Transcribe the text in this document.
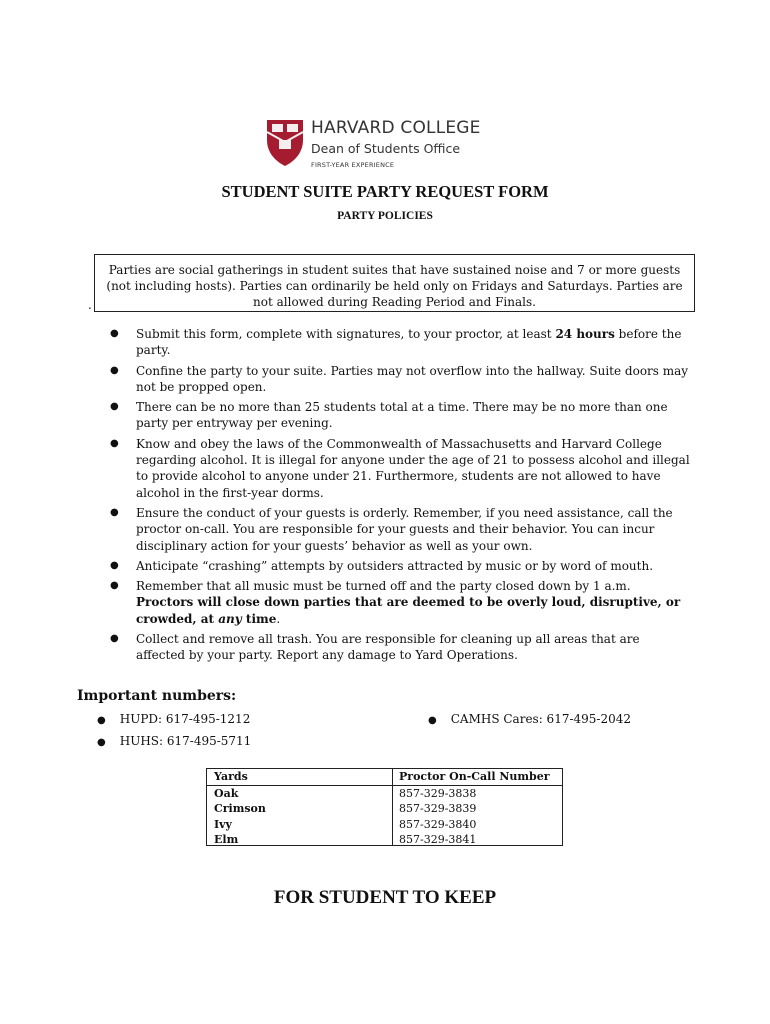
HARVARD COLLEGE
Dean of Students Office
FIRST-YEAR EXPERIENCE
STUDENT SUITE PARTY REQUEST FORM
PARTY POLICIES
Parties are social gatherings in student suites that have sustained noise and 7 or more guests (not including hosts). Parties can ordinarily be held only on Fridays and Saturdays. Parties are not allowed during Reading Period and Finals.
.
● Submit this form, complete with signatures, to your proctor, at least 24 hours before the party.
● Confine the party to your suite. Parties may not overflow into the hallway. Suite doors may not be propped open.
● There can be no more than 25 students total at a time. There may be no more than one party per entryway per evening.
● Know and obey the laws of the Commonwealth of Massachusetts and Harvard College regarding alcohol. It is illegal for anyone under the age of 21 to possess alcohol and illegal to provide alcohol to anyone under 21. Furthermore, students are not allowed to have alcohol in the first-year dorms.
● Ensure the conduct of your guests is orderly. Remember, if you need assistance, call the proctor on-call. You are responsible for your guests and their behavior. You can incur disciplinary action for your guests’ behavior as well as your own.
● Anticipate “crashing” attempts by outsiders attracted by music or by word of mouth.
● Remember that all music must be turned off and the party closed down by 1 a.m. Proctors will close down parties that are deemed to be overly loud, disruptive, or crowded, at any time.
● Collect and remove all trash. You are responsible for cleaning up all areas that are affected by your party. Report any damage to Yard Operations.
Important numbers:
● HUPD: 617-495-1212
● HUHS: 617-495-5711
● CAMHS Cares: 617-495-2042
Yards
Oak
Crimson
Ivy
Elm
Proctor On-Call Number
857-329-3838
857-329-3839
857-329-3840
857-329-3841
FOR STUDENT TO KEEP
